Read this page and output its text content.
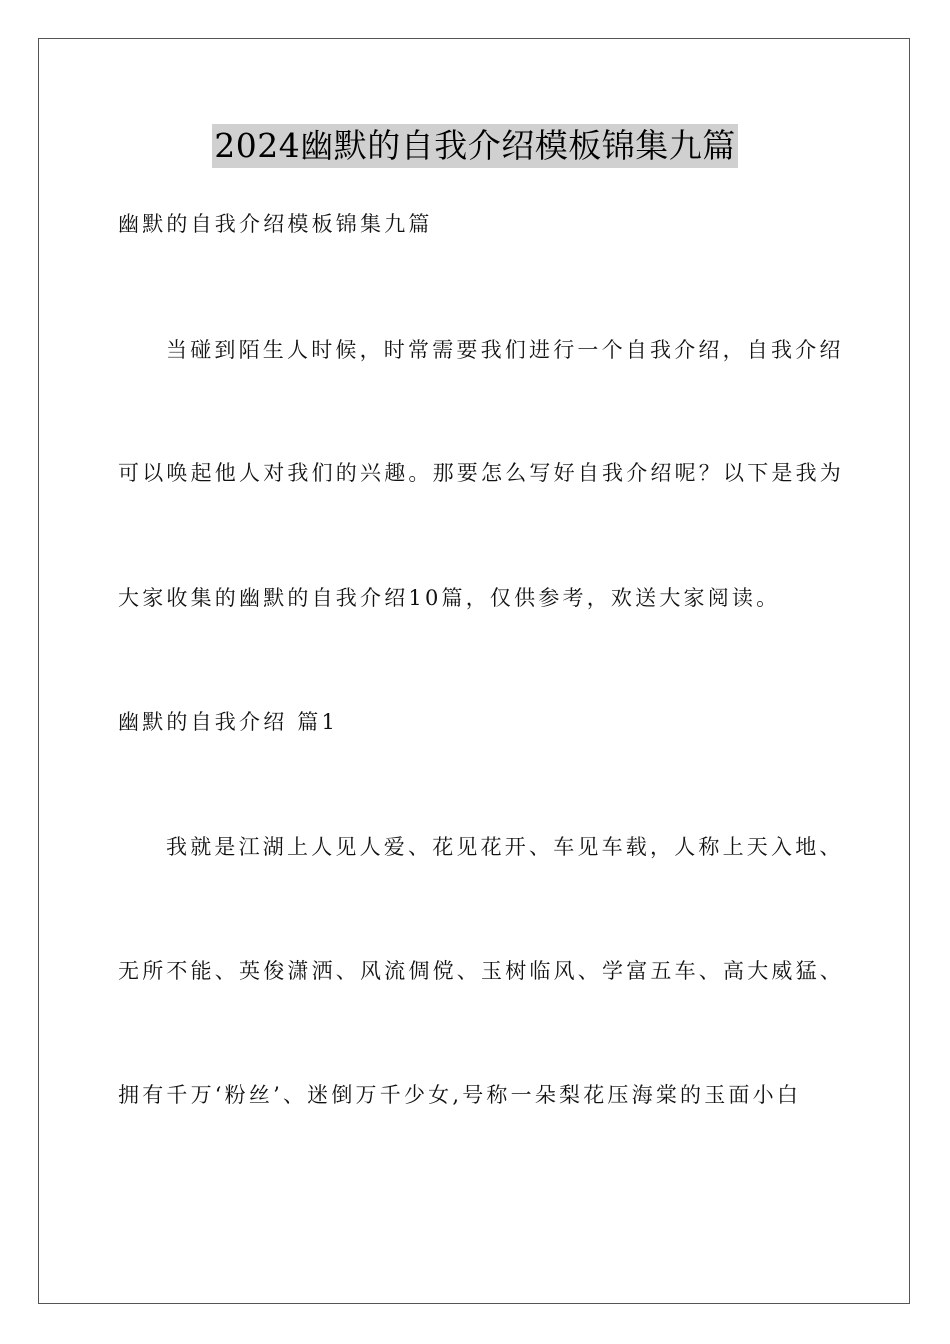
2024幽默的自我介绍模板锦集九篇
幽默的自我介绍模板锦集九篇
当碰到陌生人时候，时常需要我们进行一个自我介绍，自我介绍
可以唤起他人对我们的兴趣。那要怎么写好自我介绍呢？以下是我为
大家收集的幽默的自我介绍10篇，仅供参考，欢送大家阅读。
幽默的自我介绍 篇1
我就是江湖上人见人爱、花见花开、车见车载，人称上天入地、
无所不能、英俊潇洒、风流倜傥、玉树临风、学富五车、高大威猛、
拥有千万‘粉丝’、迷倒万千少女,号称一朵梨花压海棠的玉面小白
